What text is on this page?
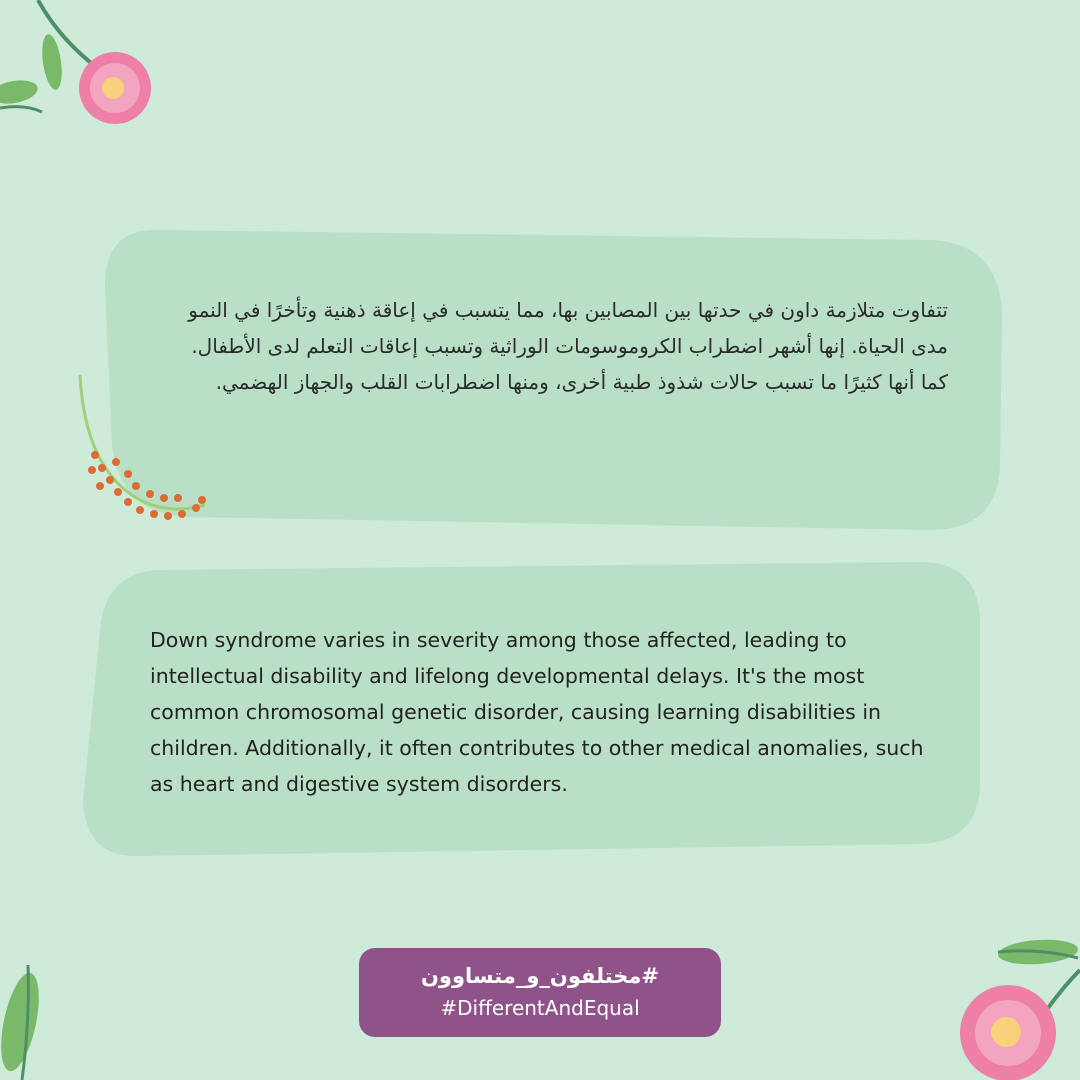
تتفاوت متلازمة داون في حدتها بين المصابين بها، مما يتسبب في إعاقة ذهنية وتأخرًا في النمو مدى الحياة. إنها أشهر اضطراب الكروموسومات الوراثية وتسبب إعاقات التعلم لدى الأطفال. كما أنها كثيرًا ما تسبب حالات شذوذ طبية أخرى، ومنها اضطرابات القلب والجهاز الهضمي.

Down syndrome varies in severity among those affected, leading to intellectual disability and lifelong developmental delays. It's the most common chromosomal genetic disorder, causing learning disabilities in children. Additionally, it often contributes to other medical anomalies, such as heart and digestive system disorders.

#مختلفون_و_متساوون
#DifferentAndEqual
